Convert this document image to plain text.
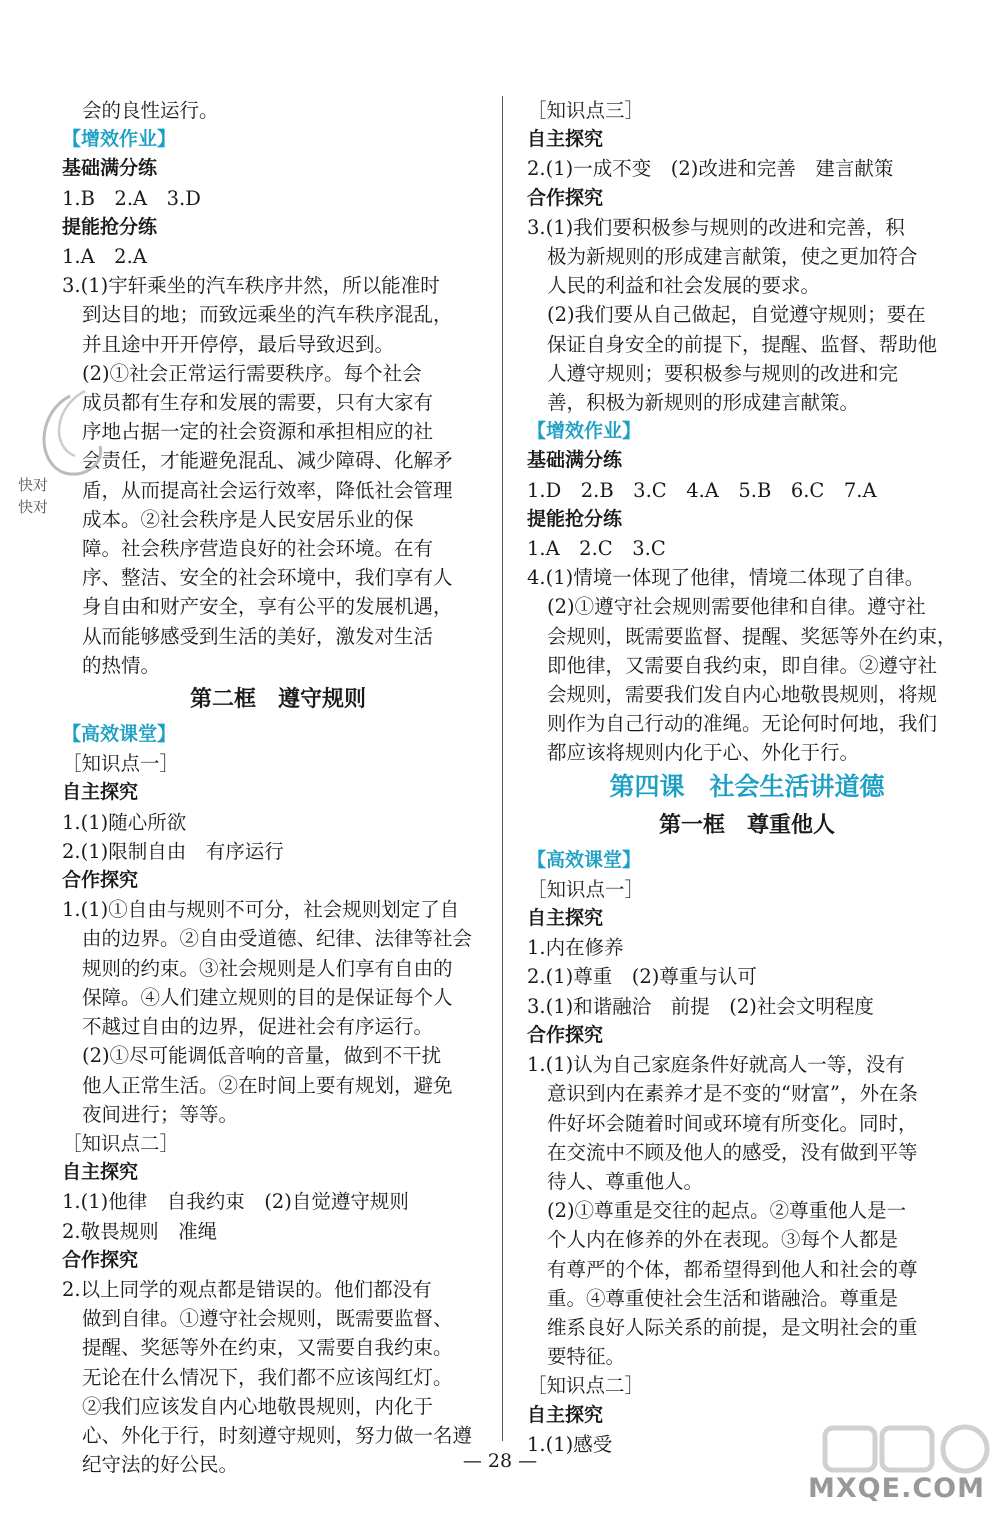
会的良性运行。
【增效作业】
基础满分练
1.B　2.A　3.D
提能抢分练
1.A　2.A
3.(1)宇轩乘坐的汽车秩序井然，所以能准时
到达目的地；而致远乘坐的汽车秩序混乱，
并且途中开开停停，最后导致迟到。
(2)①社会正常运行需要秩序。每个社会
成员都有生存和发展的需要，只有大家有
序地占据一定的社会资源和承担相应的社
会责任，才能避免混乱、减少障碍、化解矛
盾，从而提高社会运行效率，降低社会管理
成本。②社会秩序是人民安居乐业的保
障。社会秩序营造良好的社会环境。在有
序、整洁、安全的社会环境中，我们享有人
身自由和财产安全，享有公平的发展机遇，
从而能够感受到生活的美好，激发对生活
的热情。
第二框　遵守规则
【高效课堂】
［知识点一］
自主探究
1.(1)随心所欲
2.(1)限制自由　有序运行
合作探究
1.(1)①自由与规则不可分，社会规则划定了自
由的边界。②自由受道德、纪律、法律等社会
规则的约束。③社会规则是人们享有自由的
保障。④人们建立规则的目的是保证每个人
不越过自由的边界，促进社会有序运行。
(2)①尽可能调低音响的音量，做到不干扰
他人正常生活。②在时间上要有规划，避免
夜间进行；等等。
［知识点二］
自主探究
1.(1)他律　自我约束　(2)自觉遵守规则
2.敬畏规则　准绳
合作探究
2.以上同学的观点都是错误的。他们都没有
做到自律。①遵守社会规则，既需要监督、
提醒、奖惩等外在约束，又需要自我约束。
无论在什么情况下，我们都不应该闯红灯。
②我们应该发自内心地敬畏规则，内化于
心、外化于行，时刻遵守规则，努力做一名遵
纪守法的好公民。
［知识点三］
自主探究
2.(1)一成不变　(2)改进和完善　建言献策
合作探究
3.(1)我们要积极参与规则的改进和完善，积
极为新规则的形成建言献策，使之更加符合
人民的利益和社会发展的要求。
(2)我们要从自己做起，自觉遵守规则；要在
保证自身安全的前提下，提醒、监督、帮助他
人遵守规则；要积极参与规则的改进和完
善，积极为新规则的形成建言献策。
【增效作业】
基础满分练
1.D　2.B　3.C　4.A　5.B　6.C　7.A
提能抢分练
1.A　2.C　3.C
4.(1)情境一体现了他律，情境二体现了自律。
(2)①遵守社会规则需要他律和自律。遵守社
会规则，既需要监督、提醒、奖惩等外在约束，
即他律，又需要自我约束，即自律。②遵守社
会规则，需要我们发自内心地敬畏规则，将规
则作为自己行动的准绳。无论何时何地，我们
都应该将规则内化于心、外化于行。
第四课　社会生活讲道德
第一框　尊重他人
【高效课堂】
［知识点一］
自主探究
1.内在修养
2.(1)尊重　(2)尊重与认可
3.(1)和谐融洽　前提　(2)社会文明程度
合作探究
1.(1)认为自己家庭条件好就高人一等，没有
意识到内在素养才是不变的“财富”，外在条
件好坏会随着时间或环境有所变化。同时，
在交流中不顾及他人的感受，没有做到平等
待人、尊重他人。
(2)①尊重是交往的起点。②尊重他人是一
个人内在修养的外在表现。③每个人都是
有尊严的个体，都希望得到他人和社会的尊
重。④尊重使社会生活和谐融洽。尊重是
维系良好人际关系的前提，是文明社会的重
要特征。
［知识点二］
自主探究
1.(1)感受
快对
快对
MXQE.COM
— 28 —
